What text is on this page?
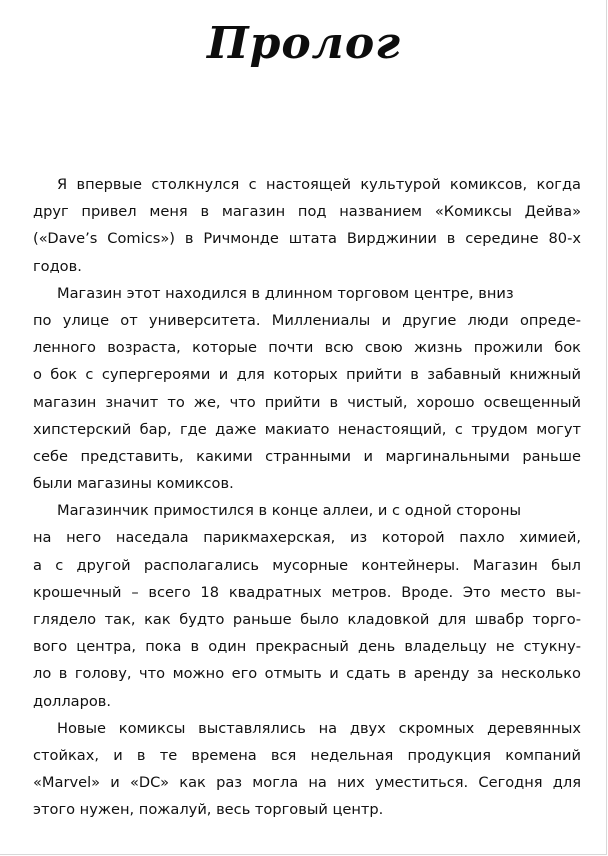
Пролог
Я впервые столкнулся с настоящей культурой комиксов, когда
друг привел меня в магазин под названием «Комиксы Дейва»
(«Dave’s Comics») в Ричмонде штата Вирджинии в середине 80-х
годов.
Магазин этот находился в длинном торговом центре, вниз
по улице от университета. Миллениалы и другие люди опреде-
ленного возраста, которые почти всю свою жизнь прожили бок
о бок с супергероями и для которых прийти в забавный книжный
магазин значит то же, что прийти в чистый, хорошо освещенный
хипстерский бар, где даже макиато ненастоящий, с трудом могут
себе представить, какими странными и маргинальными раньше
были магазины комиксов.
Магазинчик примостился в конце аллеи, и с одной стороны
на него наседала парикмахерская, из которой пахло химией,
а с другой располагались мусорные контейнеры. Магазин был
крошечный – всего 18 квадратных метров. Вроде. Это место вы-
глядело так, как будто раньше было кладовкой для швабр торго-
вого центра, пока в один прекрасный день владельцу не стукну-
ло в голову, что можно его отмыть и сдать в аренду за несколько
долларов.
Новые комиксы выставлялись на двух скромных деревянных
стойках, и в те времена вся недельная продукция компаний
«Marvel» и «DC» как раз могла на них уместиться. Сегодня для
этого нужен, пожалуй, весь торговый центр.
